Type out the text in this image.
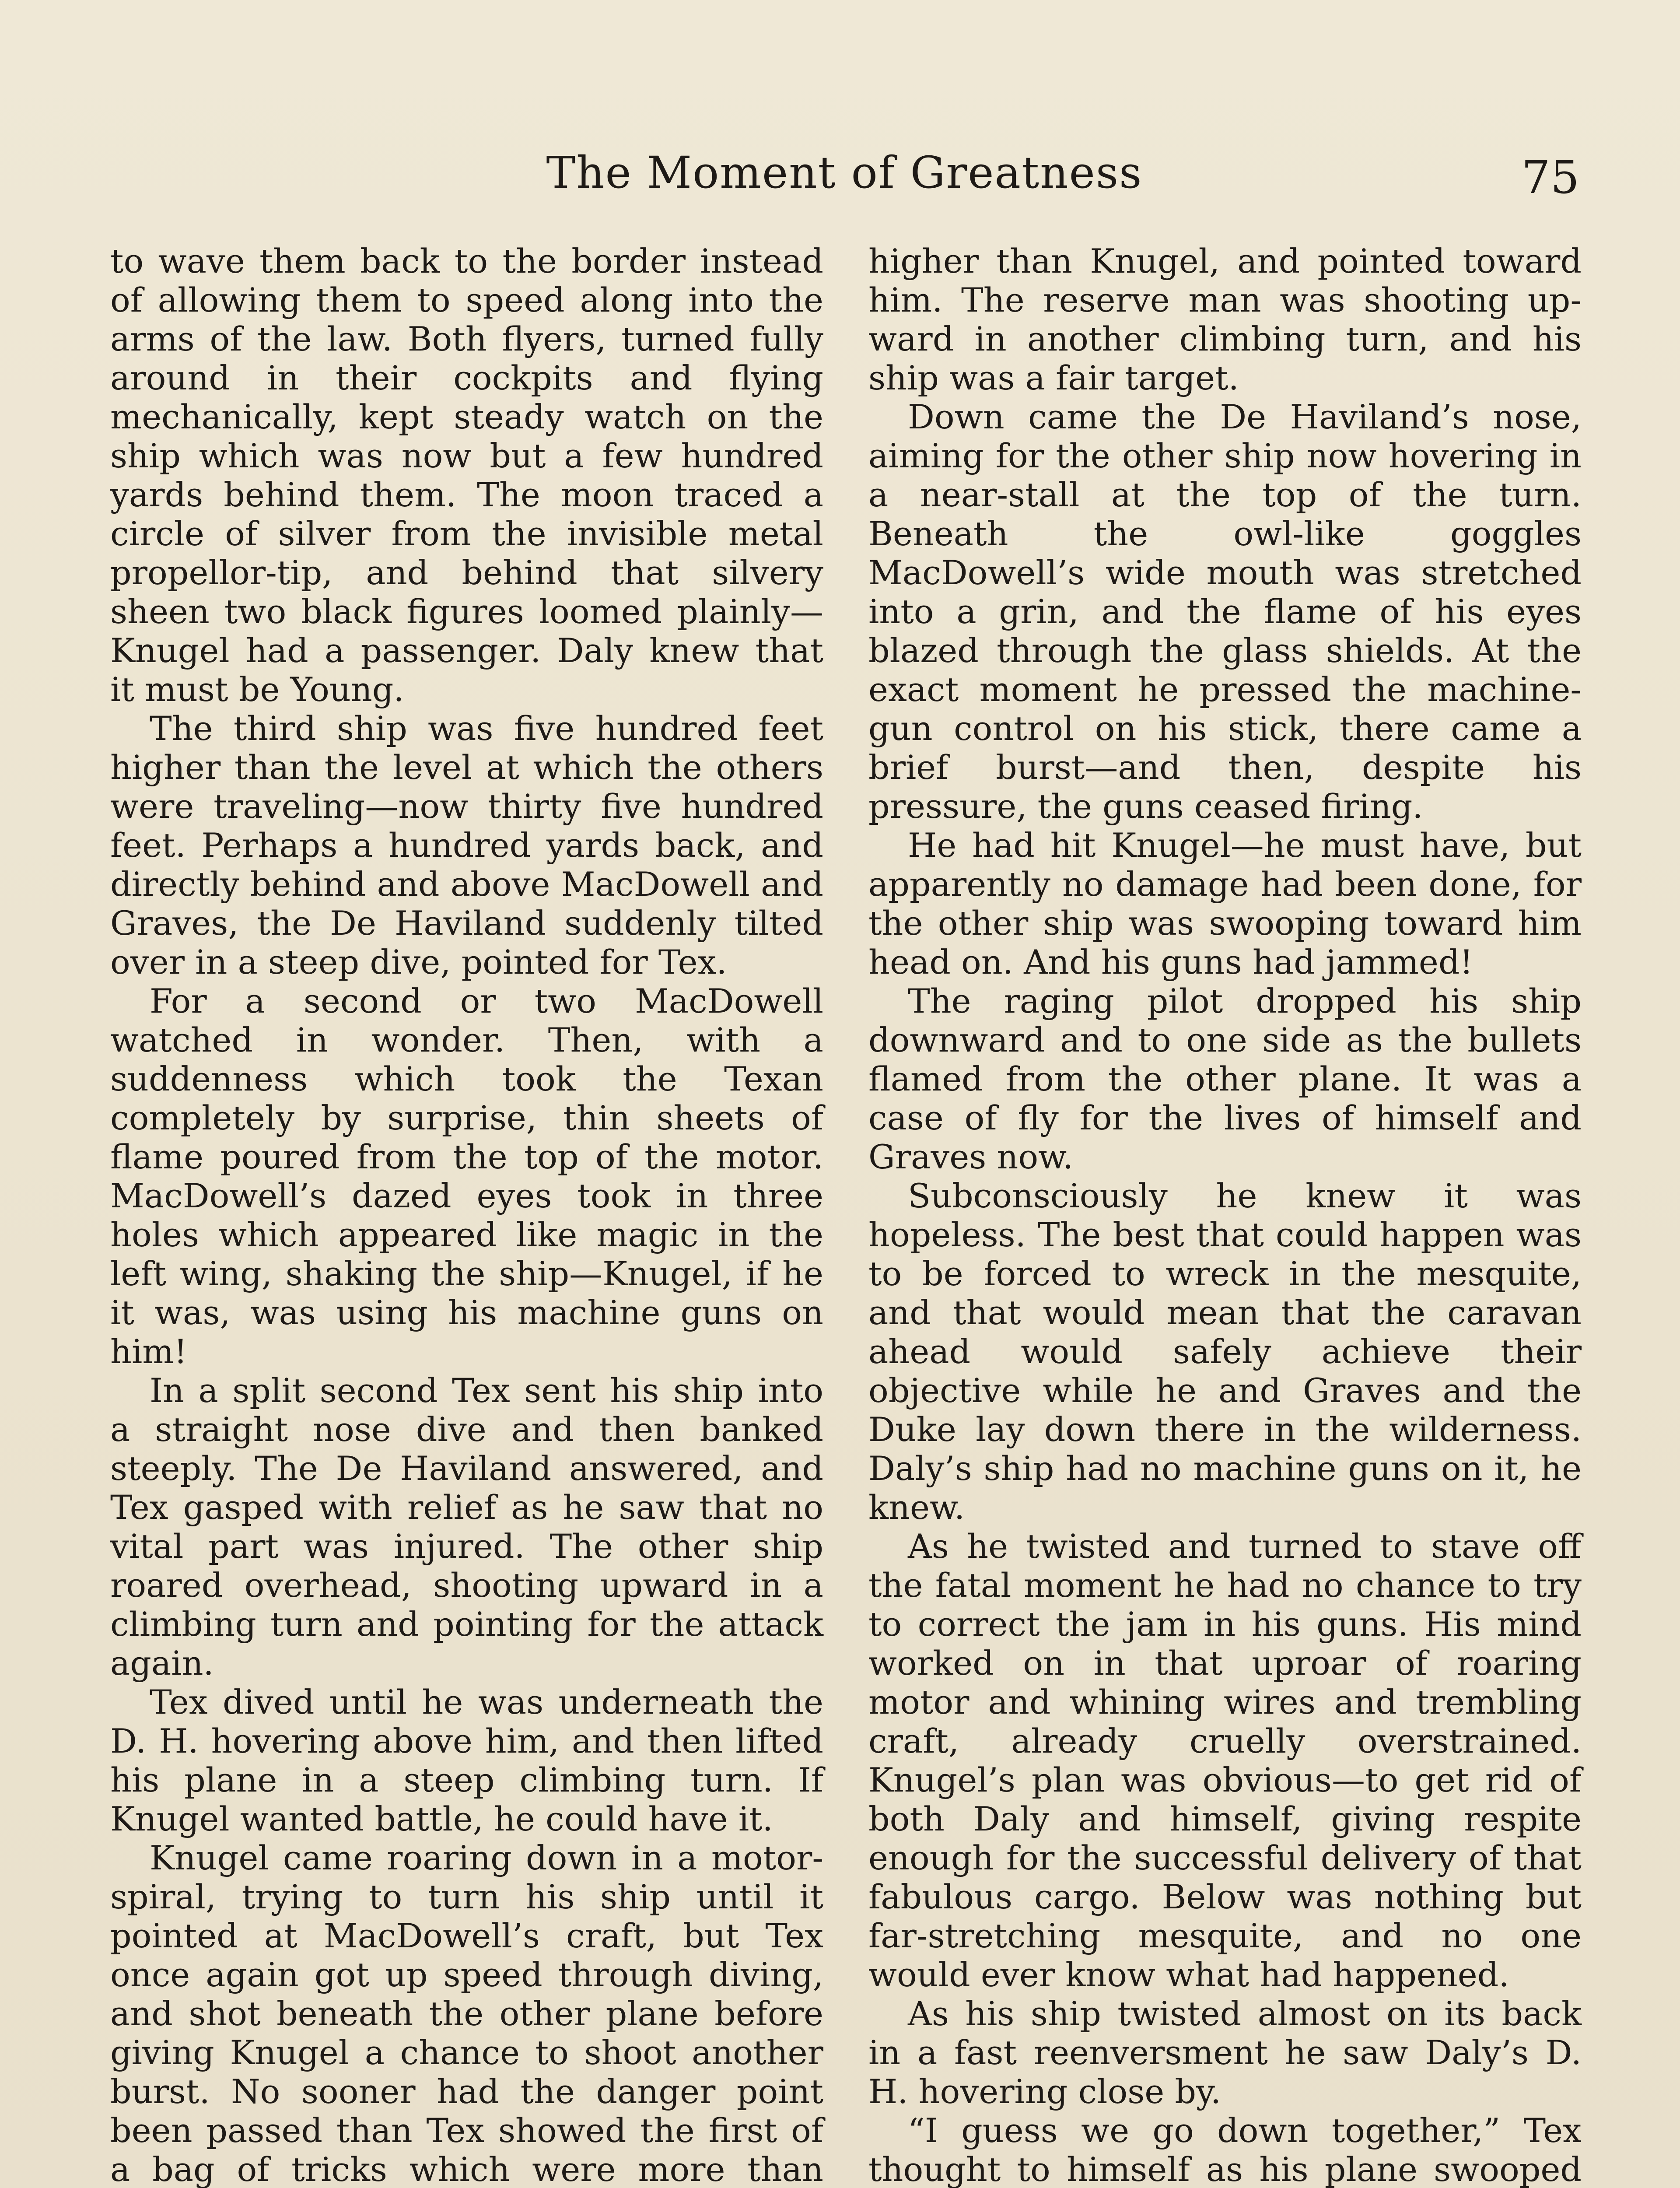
The Moment of Greatness	75

to wave them back to the border instead of allowing them to speed along into the arms of the law. Both flyers, turned fully around in their cockpits and flying mechanically, kept steady watch on the ship which was now but a few hundred yards behind them. The moon traced a circle of silver from the invisible metal propellor-tip, and behind that silvery sheen two black figures loomed plainly—Knugel had a passenger. Daly knew that it must be Young.

The third ship was five hundred feet higher than the level at which the others were traveling—now thirty five hundred feet. Perhaps a hundred yards back, and directly behind and above MacDowell and Graves, the De Haviland suddenly tilted over in a steep dive, pointed for Tex.

For a second or two MacDowell watched in wonder. Then, with a suddenness which took the Texan completely by surprise, thin sheets of flame poured from the top of the motor. MacDowell’s dazed eyes took in three holes which appeared like magic in the left wing, shaking the ship—Knugel, if he it was, was using his machine guns on him!

In a split second Tex sent his ship into a straight nose dive and then banked steeply. The De Haviland answered, and Tex gasped with relief as he saw that no vital part was injured. The other ship roared overhead, shooting upward in a climbing turn and pointing for the attack again.

Tex dived until he was underneath the D. H. hovering above him, and then lifted his plane in a steep climbing turn. If Knugel wanted battle, he could have it.

Knugel came roaring down in a motor-spiral, trying to turn his ship until it pointed at MacDowell’s craft, but Tex once again got up speed through diving, and shot beneath the other plane before giving Knugel a chance to shoot another burst. No sooner had the danger point been passed than Tex showed the first of a bag of tricks which were more than

higher than Knugel, and pointed toward him. The reserve man was shooting upward in another climbing turn, and his ship was a fair target.

Down came the De Haviland’s nose, aiming for the other ship now hovering in a near-stall at the top of the turn. Beneath the owl-like goggles MacDowell’s wide mouth was stretched into a grin, and the flame of his eyes blazed through the glass shields. At the exact moment he pressed the machine-gun control on his stick, there came a brief burst—and then, despite his pressure, the guns ceased firing.

He had hit Knugel—he must have, but apparently no damage had been done, for the other ship was swooping toward him head on. And his guns had jammed!

The raging pilot dropped his ship downward and to one side as the bullets flamed from the other plane. It was a case of fly for the lives of himself and Graves now.

Subconsciously he knew it was hopeless. The best that could happen was to be forced to wreck in the mesquite, and that would mean that the caravan ahead would safely achieve their objective while he and Graves and the Duke lay down there in the wilderness. Daly’s ship had no machine guns on it, he knew.

As he twisted and turned to stave off the fatal moment he had no chance to try to correct the jam in his guns. His mind worked on in that uproar of roaring motor and whining wires and trembling craft, already cruelly overstrained. Knugel’s plan was obvious—to get rid of both Daly and himself, giving respite enough for the successful delivery of that fabulous cargo. Below was nothing but far-stretching mesquite, and no one would ever know what had happened.

As his ship twisted almost on its back in a fast reenversment he saw Daly’s D. H. hovering close by.

“I guess we go down together,” Tex thought to himself as his plane swooped
